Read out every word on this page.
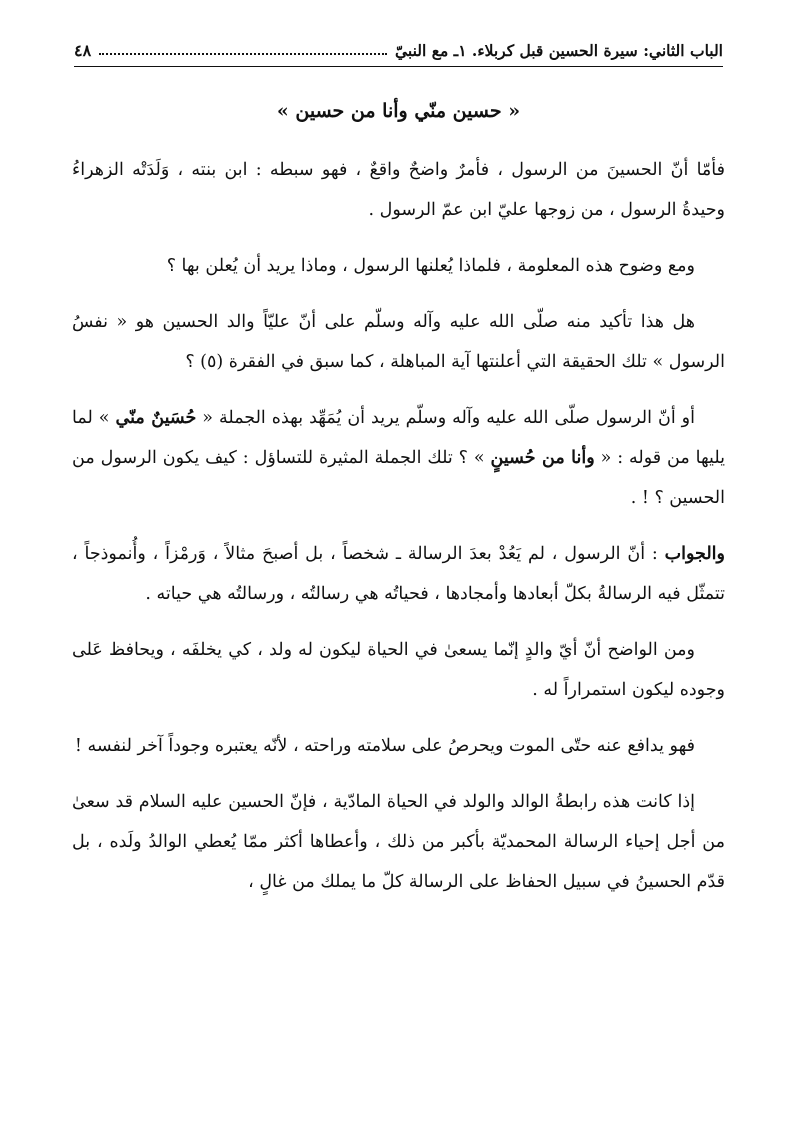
الباب الثاني: سيرة الحسين قبل كربلاء. ١ـ مع النبيّ
٤٨
« حسين منّي وأنا من حسين »

فأمّا أنّ الحسينَ من الرسول ، فأمرٌ واضحٌ واقعٌ ، فهو سبطه : ابن بنته ، وَلَدَتْه الزهراءُ وحيدةُ الرسول ، من زوجها عليّ ابن عمّ الرسول .

ومع وضوح هذه المعلومة ، فلماذا يُعلنها الرسول ، وماذا يريد أن يُعلن بها ؟

هل هذا تأكيد منه صلّى الله عليه وآله وسلّم على أنّ عليّاً والد الحسين هو « نفسُ الرسول » تلك الحقيقة التي أعلنتها آية المباهلة ، كما سبق في الفقرة (٥) ؟

أو أنّ الرسول صلّى الله عليه وآله وسلّم يريد أن يُمَهِّد بهذه الجملة « حُسَينٌ منّي » لما يليها من قوله : « وأنا من حُسينٍ » ؟ تلك الجملة المثيرة للتساؤل : كيف يكون الرسول من الحسين ؟ ! .

والجواب : أنّ الرسول ، لم يَعُدْ بعدَ الرسالة ـ شخصاً ، بل أصبحَ مثالاً ، وَرمْزاً ، وأُنموذجاً ، تتمثّل فيه الرسالةُ بكلّ أبعادها وأمجادها ، فحياتُه هي رسالتُه ، ورسالتُه هي حياته .

ومن الواضح أنّ أيّ والدٍ إنّما يسعىٰ في الحياة ليكون له ولد ، كي يخلفَه ، ويحافظ عَلى وجوده ليكون استمراراً له .

فهو يدافع عنه حتّى الموت ويحرصُ على سلامته وراحته ، لأنّه يعتبره وجوداً آخر لنفسه !

إذا كانت هذه رابطةُ الوالد والولد في الحياة المادّية ، فإنّ الحسين عليه السلام قد سعىٰ من أجل إحياء الرسالة المحمديّة بأكبر من ذلك ، وأعطاها أكثر ممّا يُعطي الوالدُ ولَده ، بل قدّم الحسينُ في سبيل الحفاظ على الرسالة كلّ ما يملك من غالٍ ،
